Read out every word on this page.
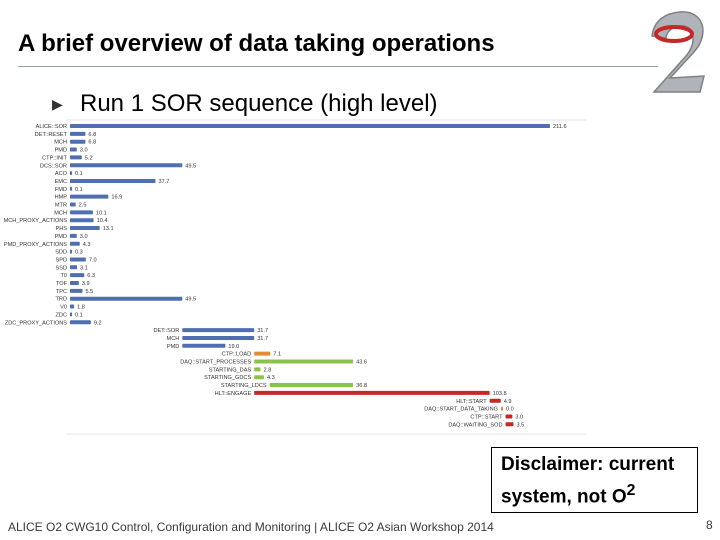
A brief overview of data taking operations
▶ Run 1 SOR sequence (high level)
ALICE::SOR	211.6
DET::RESET	6.8
MCH	6.8
PMD 3.0
CTP::INIT	5.2
DCS::SOR	49.5
ACO 0.1
EMC	37.7
FMD 0.1
HMP	16.9
MTR 2.5
MCH	10.1
MCH_PROXY_ACTIONS	10.4
PHS	13.1
PMD 3.0
PMD_PROXY_ACTIONS	4.3
SDD 0.3
SPD	7.0
SSD 3.1
T0	6.3
TOF	3.9
TPC	5.5
TRD	49.5
V0 1.8
ZDC 0.1
ZDC_PROXY_ACTIONS	9.2
DET::SOR	31.7
MCH	31.7
PMD	19.0
CTP::LOAD	7.1
DAQ::START_PROCESSES	43.6
STARTING_DAS 2.8
STARTING_GDCS	4.3
STARTING_LDCS	36.8
HLT::ENGAGE	103.8
HLT::START	4.9
DAQ::START_DATA_TAKING 0.0
CTP::START 3.0
DAQ::WAITING_SOD 3.5
Disclaimer: current
system, not $O^2$
ALICE O2 CWG10 Control, Configuration and Monitoring | ALICE O2 Asian Workshop 2014	8
